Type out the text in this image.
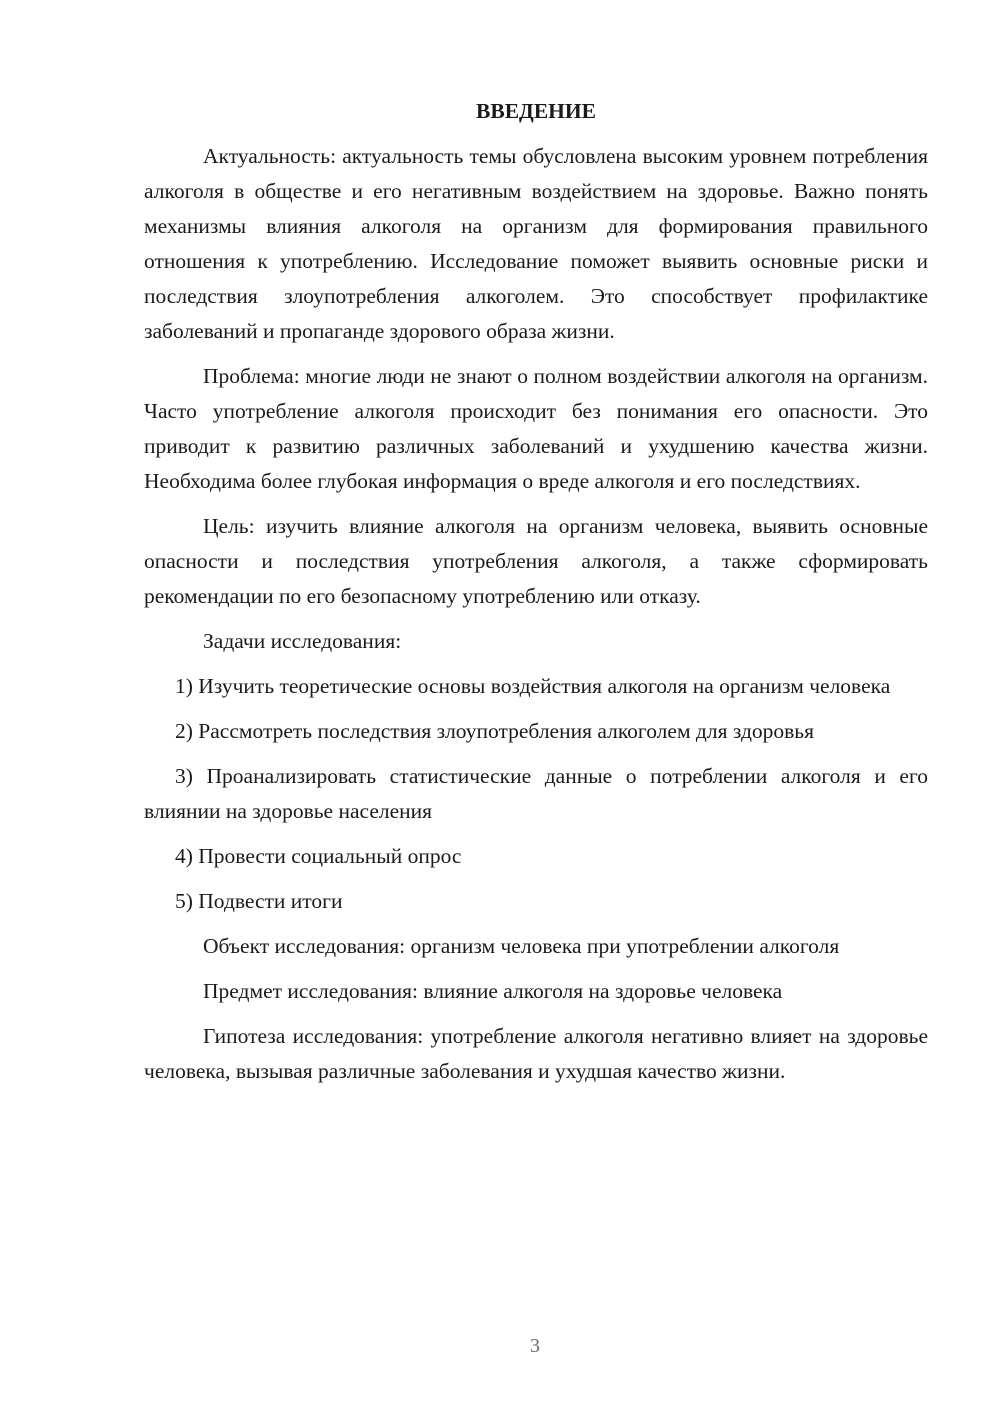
ВВЕДЕНИЕ

Актуальность: актуальность темы обусловлена высоким уровнем потребления алкоголя в обществе и его негативным воздействием на здоровье. Важно понять механизмы влияния алкоголя на организм для формирования правильного отношения к употреблению. Исследование поможет выявить основные риски и последствия злоупотребления алкоголем. Это способствует профилактике заболеваний и пропаганде здорового образа жизни.

Проблема: многие люди не знают о полном воздействии алкоголя на организм. Часто употребление алкоголя происходит без понимания его опасности. Это приводит к развитию различных заболеваний и ухудшению качества жизни. Необходима более глубокая информация о вреде алкоголя и его последствиях.

Цель: изучить влияние алкоголя на организм человека, выявить основные опасности и последствия употребления алкоголя, а также сформировать рекомендации по его безопасному употреблению или отказу.

Задачи исследования:

1) Изучить теоретические основы воздействия алкоголя на организм человека

2) Рассмотреть последствия злоупотребления алкоголем для здоровья

3) Проанализировать статистические данные о потреблении алкоголя и его влиянии на здоровье населения

4) Провести социальный опрос

5) Подвести итоги

Объект исследования: организм человека при употреблении алкоголя

Предмет исследования: влияние алкоголя на здоровье человека

Гипотеза исследования: употребление алкоголя негативно влияет на здоровье человека, вызывая различные заболевания и ухудшая качество жизни.

3
